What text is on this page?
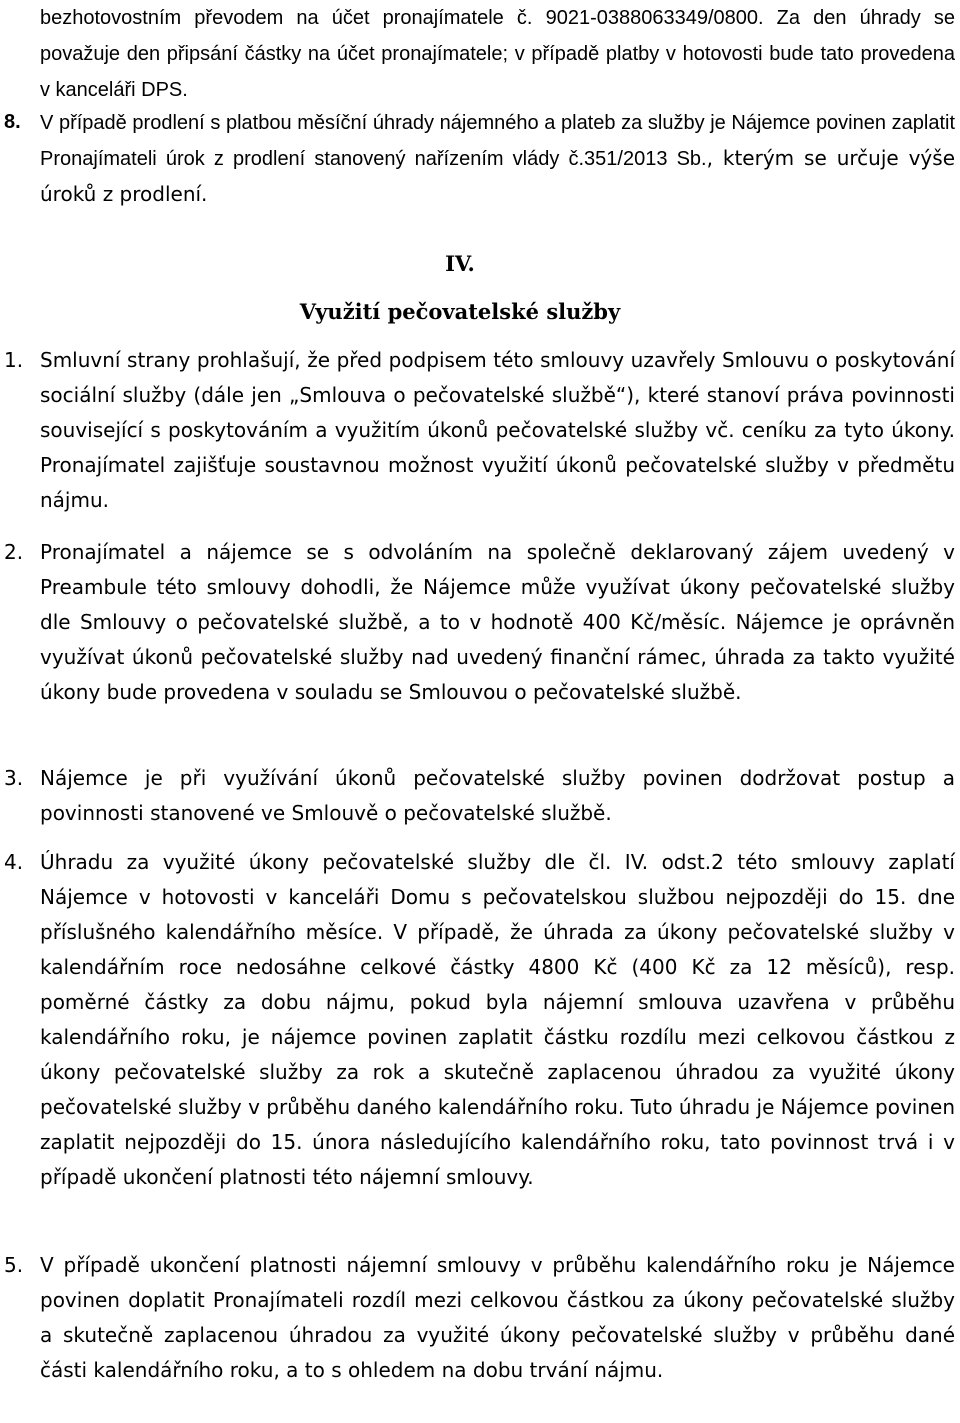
bezhotovostním převodem na účet pronajímatele č. 9021-0388063349/0800. Za den úhrady se považuje den připsání částky na účet pronajímatele; v případě platby v hotovosti bude tato provedena v kanceláři DPS.

8. V případě prodlení s platbou měsíční úhrady nájemného a plateb za služby je Nájemce povinen zaplatit Pronajímateli úrok z prodlení stanovený nařízením vlády č.351/2013 Sb., kterým se určuje výše úroků z prodlení.

IV.

Využití pečovatelské služby

1. Smluvní strany prohlašují, že před podpisem této smlouvy uzavřely Smlouvu o poskytování sociální služby (dále jen „Smlouva o pečovatelské službě“), které stanoví práva povinnosti související s poskytováním a využitím úkonů pečovatelské služby vč. ceníku za tyto úkony. Pronajímatel zajišťuje soustavnou možnost využití úkonů pečovatelské služby v předmětu nájmu.
2. Pronajímatel a nájemce se s odvoláním na společně deklarovaný zájem uvedený v Preambule této smlouvy dohodli, že Nájemce může využívat úkony pečovatelské služby dle Smlouvy o pečovatelské službě, a to v hodnotě 400 Kč/měsíc. Nájemce je oprávněn využívat úkonů pečovatelské služby nad uvedený finanční rámec, úhrada za takto využité úkony bude provedena v souladu se Smlouvou o pečovatelské službě.
3. Nájemce je při využívání úkonů pečovatelské služby povinen dodržovat postup a povinnosti stanovené ve Smlouvě o pečovatelské službě.
4. Úhradu za využité úkony pečovatelské služby dle čl. IV. odst.2 této smlouvy zaplatí Nájemce v hotovosti v kanceláři Domu s pečovatelskou službou nejpozději do 15. dne příslušného kalendářního měsíce. V případě, že úhrada za úkony pečovatelské služby v kalendářním roce nedosáhne celkové částky 4800 Kč (400 Kč za 12 měsíců), resp. poměrné částky za dobu nájmu, pokud byla nájemní smlouva uzavřena v průběhu kalendářního roku, je nájemce povinen zaplatit částku rozdílu mezi celkovou částkou z úkony pečovatelské služby za rok a skutečně zaplacenou úhradou za využité úkony pečovatelské služby v průběhu daného kalendářního roku. Tuto úhradu je Nájemce povinen zaplatit nejpozději do 15. února následujícího kalendářního roku, tato povinnost trvá i v případě ukončení platnosti této nájemní smlouvy.
5. V případě ukončení platnosti nájemní smlouvy v průběhu kalendářního roku je Nájemce povinen doplatit Pronajímateli rozdíl mezi celkovou částkou za úkony pečovatelské služby a skutečně zaplacenou úhradou za využité úkony pečovatelské služby v průběhu dané části kalendářního roku, a to s ohledem na dobu trvání nájmu.
